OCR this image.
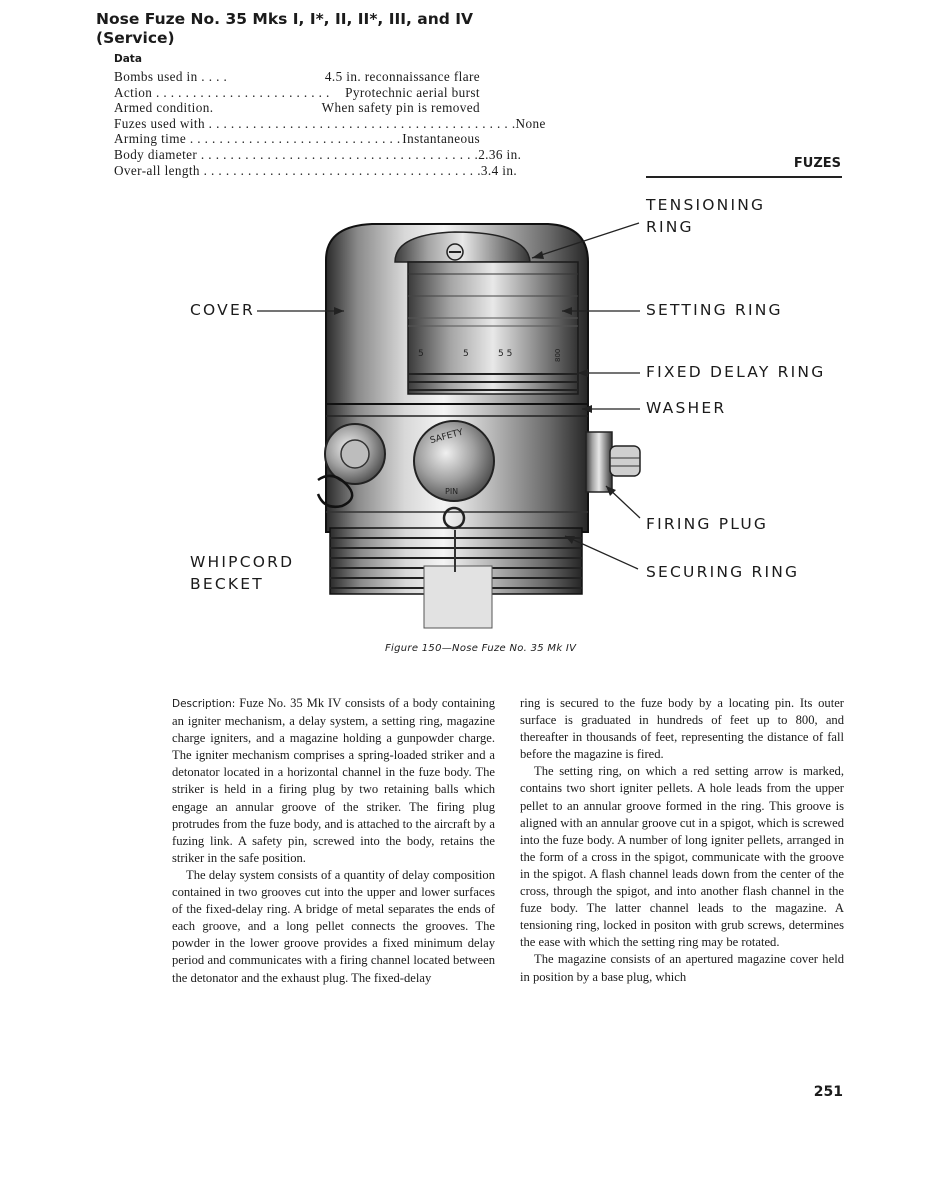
Nose Fuze No. 35 Mks I, I*, II, II*, III, and IV
(Service)
Data
Bombs used in . . . .	4.5 in. reconnaissance flare
Action . . . . . . . . . . . . . . . . . . . . . . . .	Pyrotechnic aerial burst
Armed condition.	When safety pin is removed
Fuzes used with . . . . . . . . . . . . . . . . . . . . . . . . . . . . . . . . . . . . . . . . . . None
Arming time . . . . . . . . . . . . . . . . . . . . . . . . . . . . . Instantaneous
Body diameter . . . . . . . . . . . . . . . . . . . . . . . . . . . . . . . . . . . . . . 2.36 in.
Over-all length . . . . . . . . . . . . . . . . . . . . . . . . . . . . . . . . . . . . . . 3.4 in.	FUZES
5	5	5 5	800
SAFETY
PIN
TENSIONING
RING
COVER	SETTING RING
FIXED DELAY RING
WASHER
FIRING PLUG
WHIPCORD
BECKET
SECURING RING
Figure 150—Nose Fuze No. 35 Mk IV

Description: Fuze No. 35 Mk IV consists of a body containing an igniter mechanism, a delay system, a setting ring, magazine charge igniters, and a magazine holding a gunpowder charge. The igniter mechanism comprises a spring-loaded striker and a detonator located in a horizontal channel in the fuze body. The striker is held in a firing plug by two retaining balls which engage an annular groove of the striker. The firing plug protrudes from the fuze body, and is attached to the aircraft by a fuzing link. A safety pin, screwed into the body, retains the striker in the safe position.

The delay system consists of a quantity of delay composition contained in two grooves cut into the upper and lower surfaces of the fixed-delay ring. A bridge of metal separates the ends of each groove, and a long pellet connects the grooves. The powder in the lower groove provides a fixed minimum delay period and communicates with a firing channel located between the detonator and the exhaust plug. The fixed-delay

ring is secured to the fuze body by a locating pin. Its outer surface is graduated in hundreds of feet up to 800, and thereafter in thousands of feet, representing the distance of fall before the magazine is fired.

The setting ring, on which a red setting arrow is marked, contains two short igniter pellets. A hole leads from the upper pellet to an annular groove formed in the ring. This groove is aligned with an annular groove cut in a spigot, which is screwed into the fuze body. A number of long igniter pellets, arranged in the form of a cross in the spigot, communicate with the groove in the spigot. A flash channel leads down from the center of the cross, through the spigot, and into another flash channel in the fuze body. The latter channel leads to the magazine. A tensioning ring, locked in positon with grub screws, determines the ease with which the setting ring may be rotated.

The magazine consists of an apertured magazine cover held in position by a base plug, which

251
